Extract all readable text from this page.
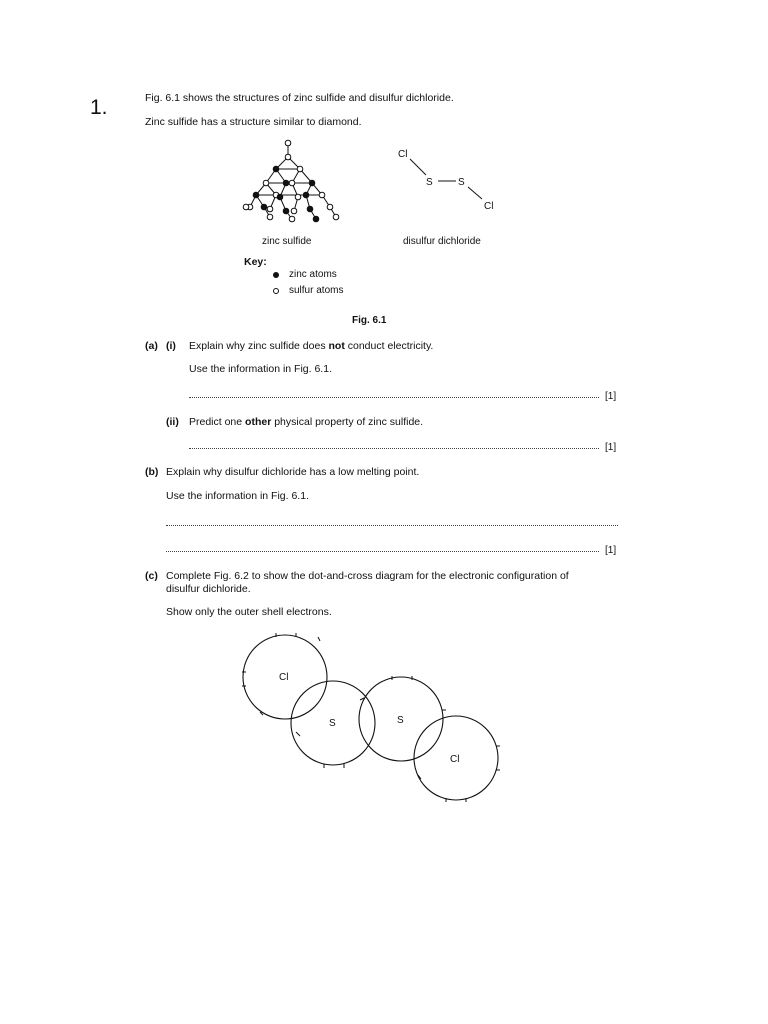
1.	Fig. 6.1 shows the structures of zinc sulfide and disulfur dichloride.
Zinc sulfide has a structure similar to diamond.
Cl
S	S
Cl
zinc sulfide	disulfur dichloride
Key:
zinc atoms
sulfur atoms
Fig. 6.1
(a) (i) Explain why zinc sulfide does not conduct electricity.
Use the information in Fig. 6.1.
[1]
(ii) Predict one other physical property of zinc sulfide.
[1]
(b) Explain why disulfur dichloride has a low melting point.
Use the information in Fig. 6.1.
[1]
(c) Complete Fig. 6.2 to show the dot-and-cross diagram for the electronic configuration of
disulfur dichloride.
Show only the outer shell electrons.
Cl
S	S
Cl
